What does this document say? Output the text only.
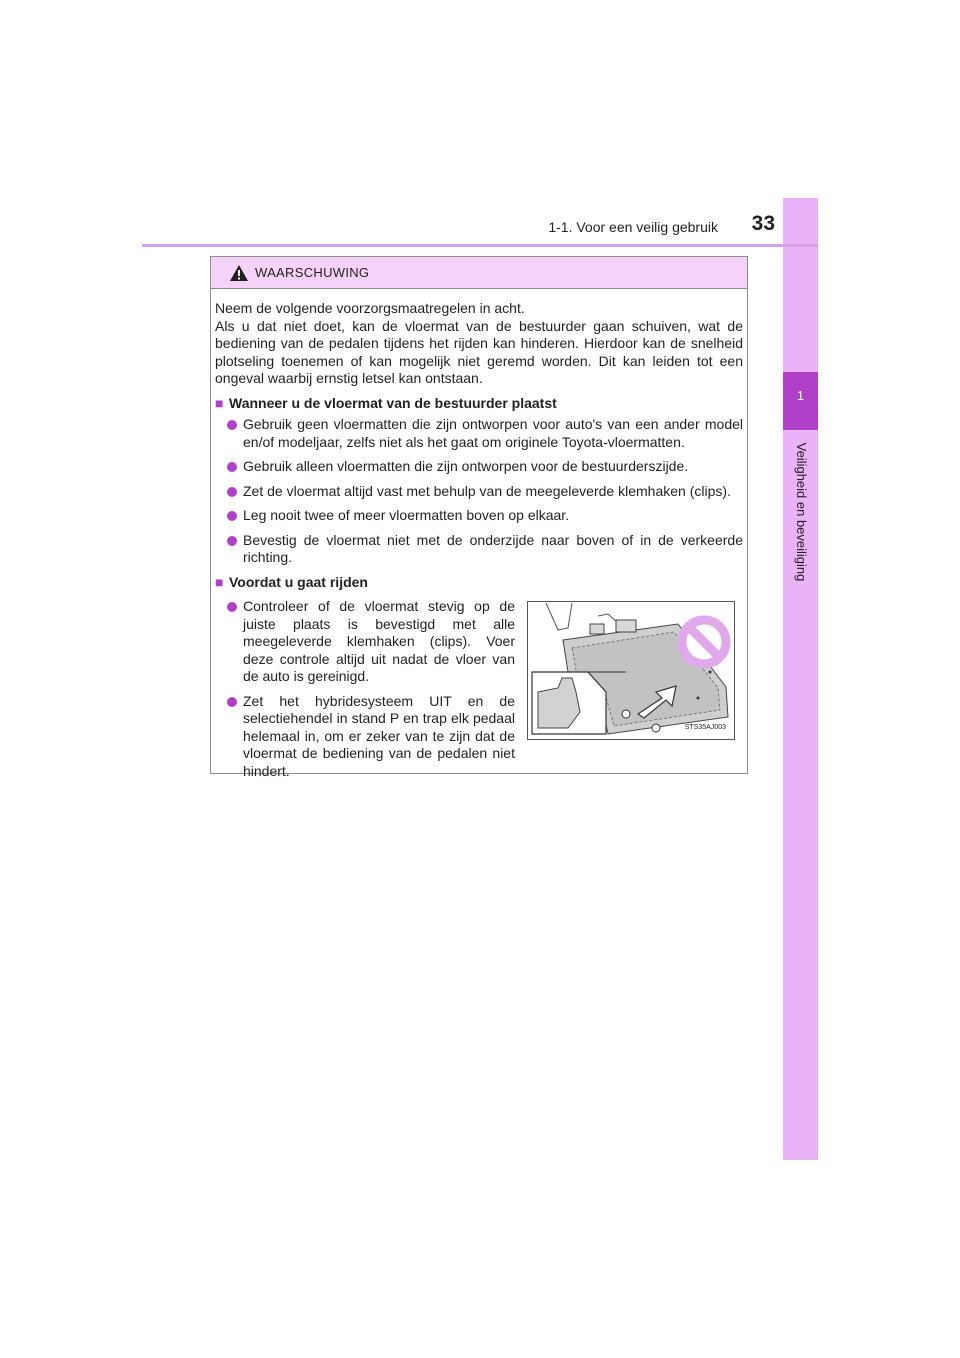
1
Veiligheid en beveiliging
1-1. Voor een veilig gebruik	33
WAARSCHUWING

Neem de volgende voorzorgsmaatregelen in acht.

Als u dat niet doet, kan de vloermat van de bestuurder gaan schuiven, wat de bediening van de pedalen tijdens het rijden kan hinderen. Hierdoor kan de snelheid plotseling toenemen of kan mogelijk niet geremd worden. Dit kan leiden tot een ongeval waarbij ernstig letsel kan ontstaan.

■ Wanneer u de vloermat van de bestuurder plaatst
Gebruik geen vloermatten die zijn ontworpen voor auto's van een ander model en/of modeljaar, zelfs niet als het gaat om originele Toyota-vloermatten.
Gebruik alleen vloermatten die zijn ontworpen voor de bestuurderszijde.
Zet de vloermat altijd vast met behulp van de meegeleverde klemhaken (clips).
Leg nooit twee of meer vloermatten boven op elkaar.
Bevestig de vloermat niet met de onderzijde naar boven of in de verkeerde richting.
■ Voordat u gaat rijden
Controleer of de vloermat stevig op de juiste plaats is bevestigd met alle meegeleverde klemhaken (clips). Voer deze controle altijd uit nadat de vloer van de auto is gereinigd.
Zet het hybridesysteem UIT en de selectiehendel in stand P en trap elk pedaal helemaal in, om er zeker van te zijn dat de vloermat de bediening van de pedalen niet hindert.
STS35AJ003
